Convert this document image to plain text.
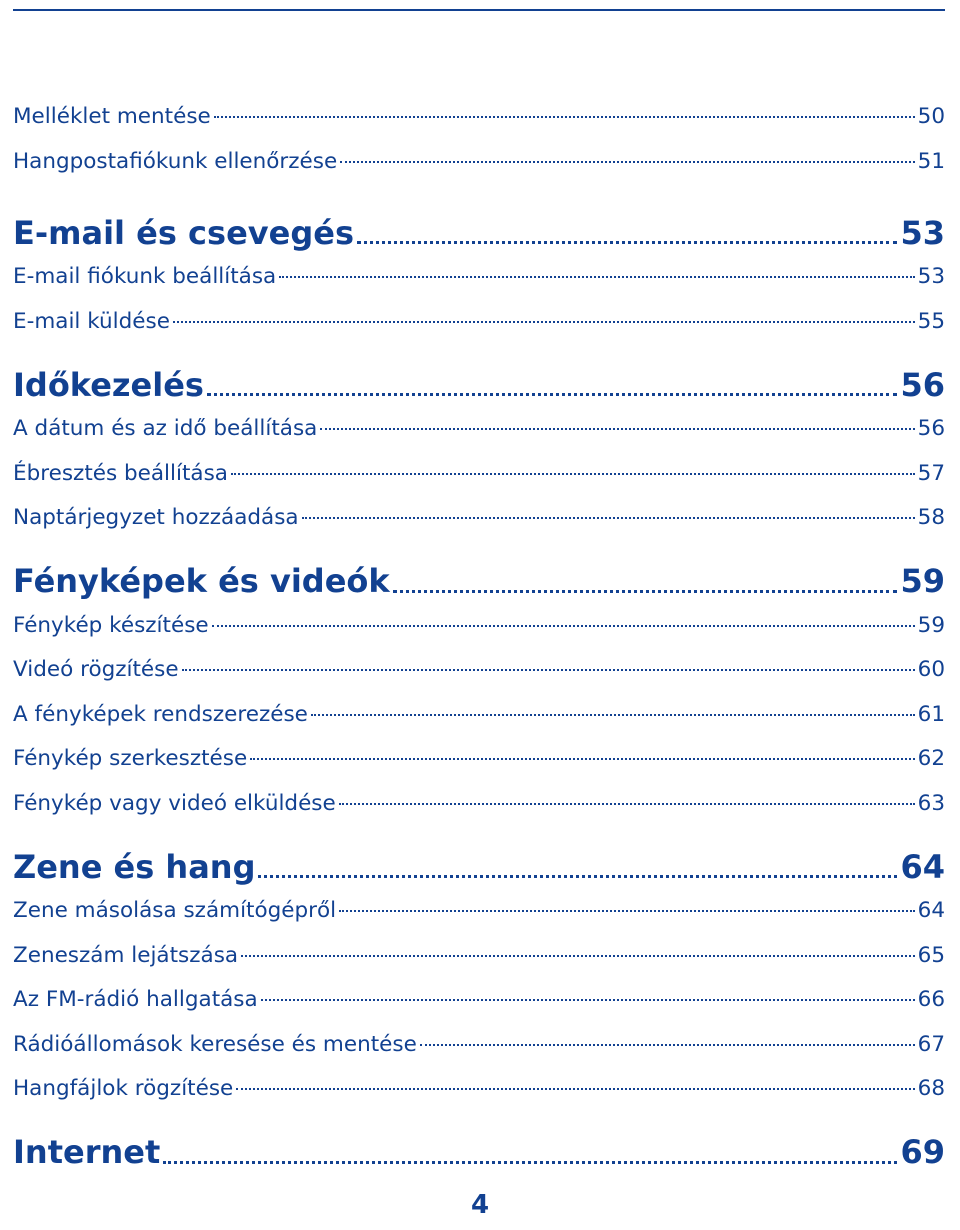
Melléklet mentése	50
Hangpostafiókunk ellenőrzése	51
E-mail és csevegés	53
E-mail fiókunk beállítása	53
E-mail küldése	55
Időkezelés	56
A dátum és az idő beállítása	56
Ébresztés beállítása	57
Naptárjegyzet hozzáadása	58
Fényképek és videók	59
Fénykép készítése	59
Videó rögzítése	60
A fényképek rendszerezése	61
Fénykép szerkesztése	62
Fénykép vagy videó elküldése	63
Zene és hang	64
Zene másolása számítógépről	64
Zeneszám lejátszása	65
Az FM-rádió hallgatása	66
Rádióállomások keresése és mentése	67
Hangfájlok rögzítése	68
Internet	69
4
